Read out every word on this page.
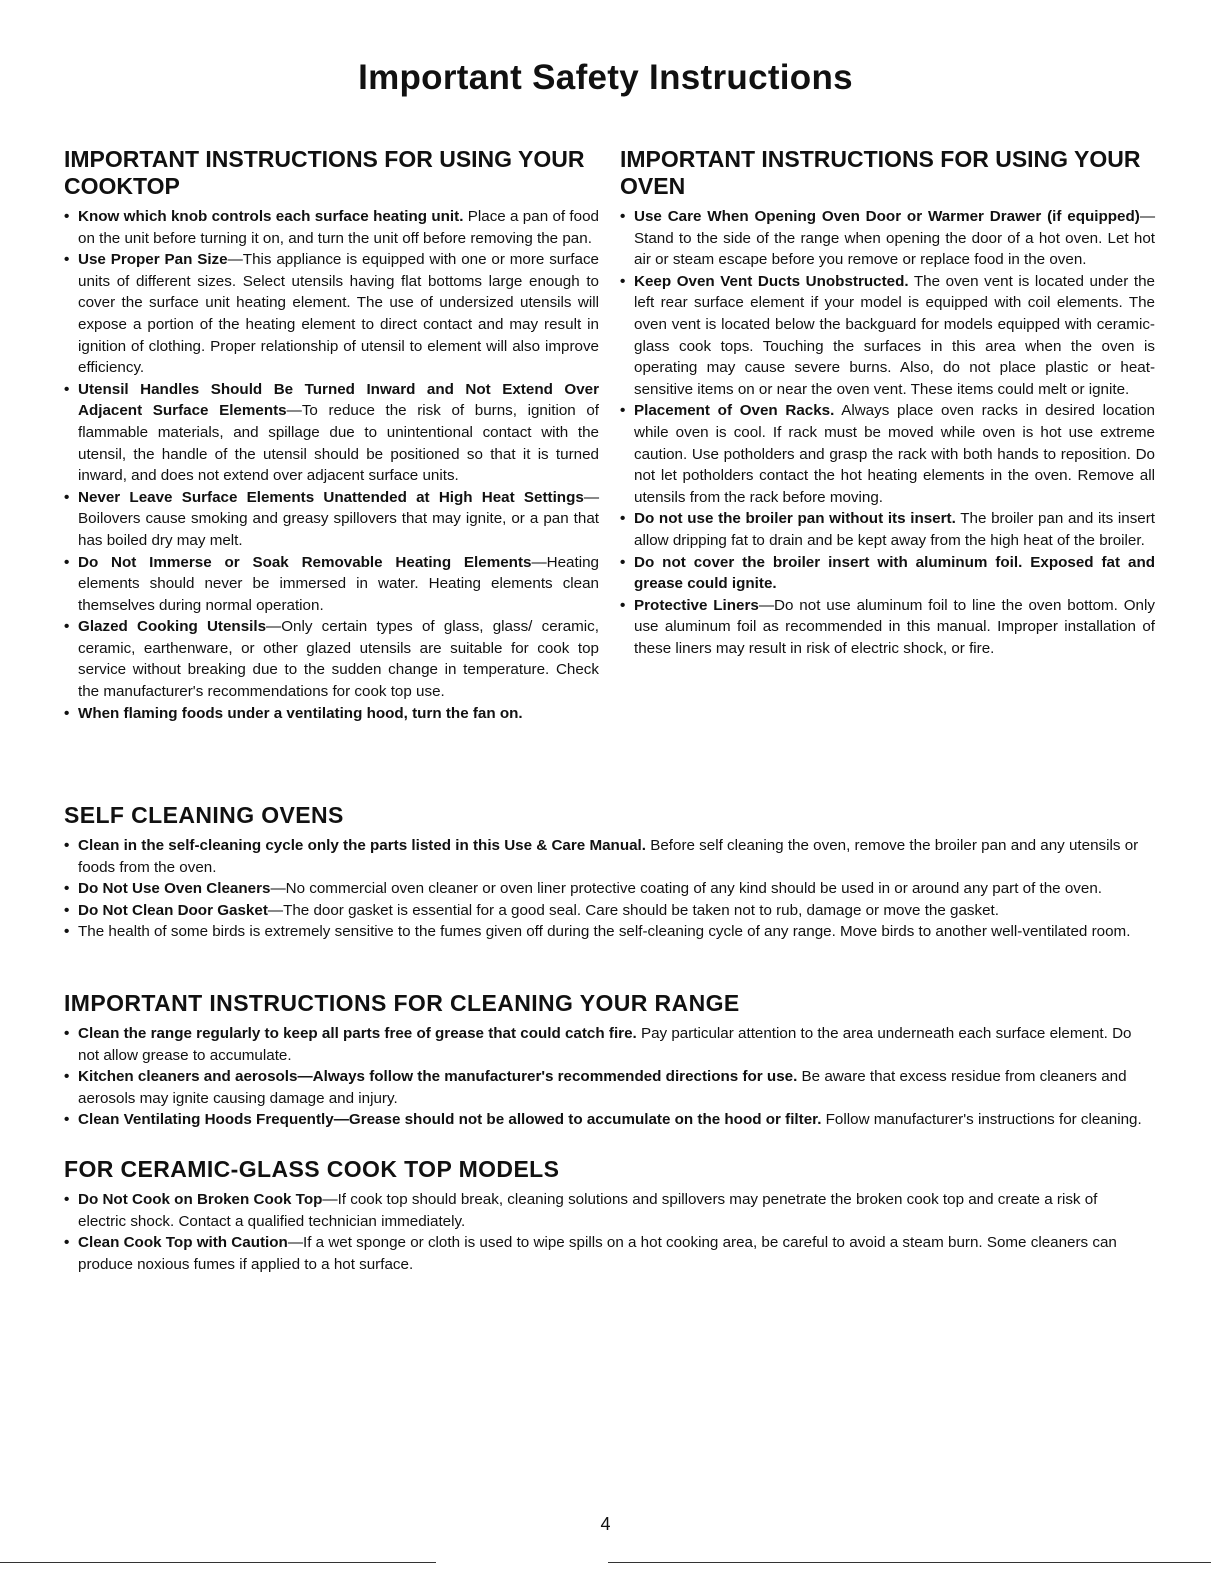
Important Safety Instructions
IMPORTANT INSTRUCTIONS FOR USING YOUR COOKTOP
• Know which knob controls each surface heating unit. Place a pan of food on the unit before turning it on, and turn the unit off before removing the pan.
• Use Proper Pan Size—This appliance is equipped with one or more surface units of different sizes. Select utensils having flat bottoms large enough to cover the surface unit heating element. The use of undersized utensils will expose a portion of the heating element to direct contact and may result in ignition of clothing. Proper relationship of utensil to element will also improve efficiency.
• Utensil Handles Should Be Turned Inward and Not Extend Over Adjacent Surface Elements—To reduce the risk of burns, ignition of flammable materials, and spillage due to unintentional contact with the utensil, the handle of the utensil should be positioned so that it is turned inward, and does not extend over adjacent surface units.
• Never Leave Surface Elements Unattended at High Heat Settings—Boilovers cause smoking and greasy spillovers that may ignite, or a pan that has boiled dry may melt.
• Do Not Immerse or Soak Removable Heating Elements—Heating elements should never be immersed in water. Heating elements clean themselves during normal operation.
• Glazed Cooking Utensils—Only certain types of glass, glass/ ceramic, ceramic, earthenware, or other glazed utensils are suitable for cook top service without breaking due to the sudden change in temperature. Check the manufacturer's recommendations for cook top use.
• When flaming foods under a ventilating hood, turn the fan on.
IMPORTANT INSTRUCTIONS FOR USING YOUR OVEN
• Use Care When Opening Oven Door or Warmer Drawer (if equipped)—Stand to the side of the range when opening the door of a hot oven. Let hot air or steam escape before you remove or replace food in the oven.
• Keep Oven Vent Ducts Unobstructed. The oven vent is located under the left rear surface element if your model is equipped with coil elements. The oven vent is located below the backguard for models equipped with ceramic-glass cook tops. Touching the surfaces in this area when the oven is operating may cause severe burns. Also, do not place plastic or heat-sensitive items on or near the oven vent. These items could melt or ignite.
• Placement of Oven Racks. Always place oven racks in desired location while oven is cool. If rack must be moved while oven is hot use extreme caution. Use potholders and grasp the rack with both hands to reposition. Do not let potholders contact the hot heating elements in the oven. Remove all utensils from the rack before moving.
• Do not use the broiler pan without its insert. The broiler pan and its insert allow dripping fat to drain and be kept away from the high heat of the broiler.
• Do not cover the broiler insert with aluminum foil. Exposed fat and grease could ignite.
• Protective Liners—Do not use aluminum foil to line the oven bottom. Only use aluminum foil as recommended in this manual. Improper installation of these liners may result in risk of electric shock, or fire.
SELF CLEANING OVENS
• Clean in the self-cleaning cycle only the parts listed in this Use & Care Manual. Before self cleaning the oven, remove the broiler pan and any utensils or foods from the oven.
• Do Not Use Oven Cleaners—No commercial oven cleaner or oven liner protective coating of any kind should be used in or around any part of the oven.
• Do Not Clean Door Gasket—The door gasket is essential for a good seal. Care should be taken not to rub, damage or move the gasket.
• The health of some birds is extremely sensitive to the fumes given off during the self-cleaning cycle of any range. Move birds to another well-ventilated room.
IMPORTANT INSTRUCTIONS FOR CLEANING YOUR RANGE
• Clean the range regularly to keep all parts free of grease that could catch fire. Pay particular attention to the area underneath each surface element. Do not allow grease to accumulate.
• Kitchen cleaners and aerosols—Always follow the manufacturer's recommended directions for use. Be aware that excess residue from cleaners and aerosols may ignite causing damage and injury.
• Clean Ventilating Hoods Frequently—Grease should not be allowed to accumulate on the hood or filter. Follow manufacturer's instructions for cleaning.
FOR CERAMIC-GLASS COOK TOP MODELS
• Do Not Cook on Broken Cook Top—If cook top should break, cleaning solutions and spillovers may penetrate the broken cook top and create a risk of electric shock. Contact a qualified technician immediately.
• Clean Cook Top with Caution—If a wet sponge or cloth is used to wipe spills on a hot cooking area, be careful to avoid a steam burn. Some cleaners can produce noxious fumes if applied to a hot surface.
4
